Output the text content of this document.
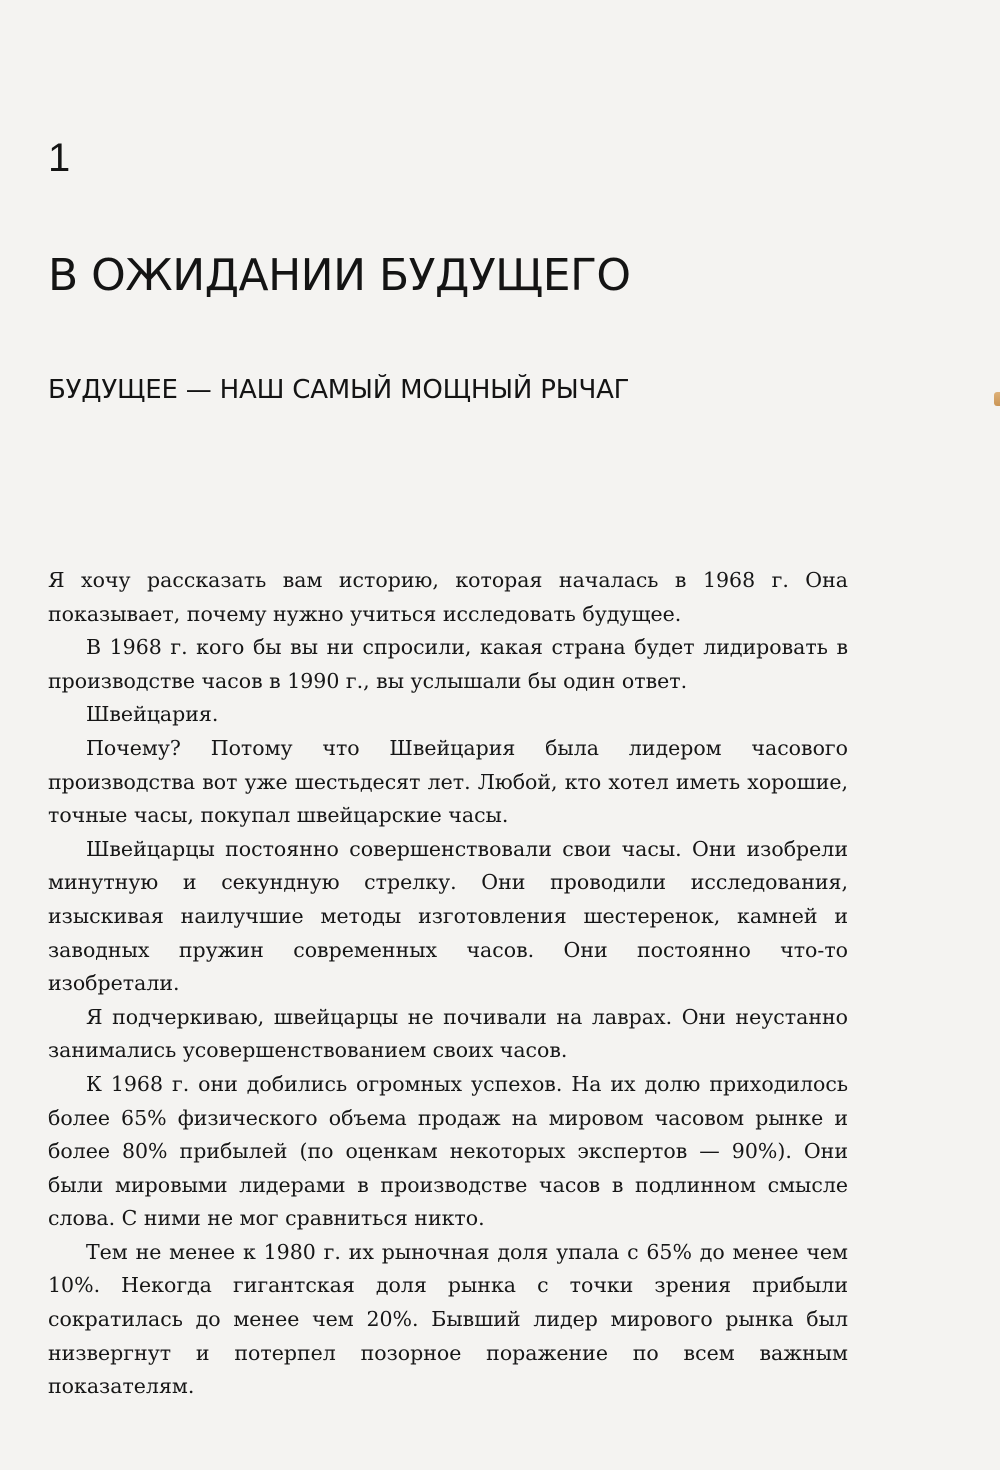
1
В ОЖИДАНИИ БУДУЩЕГО
БУДУЩЕЕ — НАШ САМЫЙ МОЩНЫЙ РЫЧАГ

Я хочу рассказать вам историю, которая началась в 1968 г. Она показывает, почему нужно учиться исследовать будущее.

В 1968 г. кого бы вы ни спросили, какая страна будет лидировать в производстве часов в 1990 г., вы услышали бы один ответ.

Швейцария.

Почему? Потому что Швейцария была лидером часового производства вот уже шестьдесят лет. Любой, кто хотел иметь хорошие, точные часы, покупал швейцарские часы.

Швейцарцы постоянно совершенствовали свои часы. Они изобрели минутную и секундную стрелку. Они проводили исследования, изыскивая наилучшие методы изготовления шестеренок, камней и заводных пружин современных часов. Они постоянно что-то изобретали.

Я подчеркиваю, швейцарцы не почивали на лаврах. Они неустанно занимались усовершенствованием своих часов.

К 1968 г. они добились огромных успехов. На их долю приходилось более 65% физического объема продаж на мировом часовом рынке и более 80% прибылей (по оценкам некоторых экспертов — 90%). Они были мировыми лидерами в производстве часов в подлинном смысле слова. С ними не мог сравниться никто.

Тем не менее к 1980 г. их рыночная доля упала с 65% до менее чем 10%. Некогда гигантская доля рынка с точки зрения прибыли сократилась до менее чем 20%. Бывший лидер мирового рынка был низвергнут и потерпел позорное поражение по всем важным показателям.
